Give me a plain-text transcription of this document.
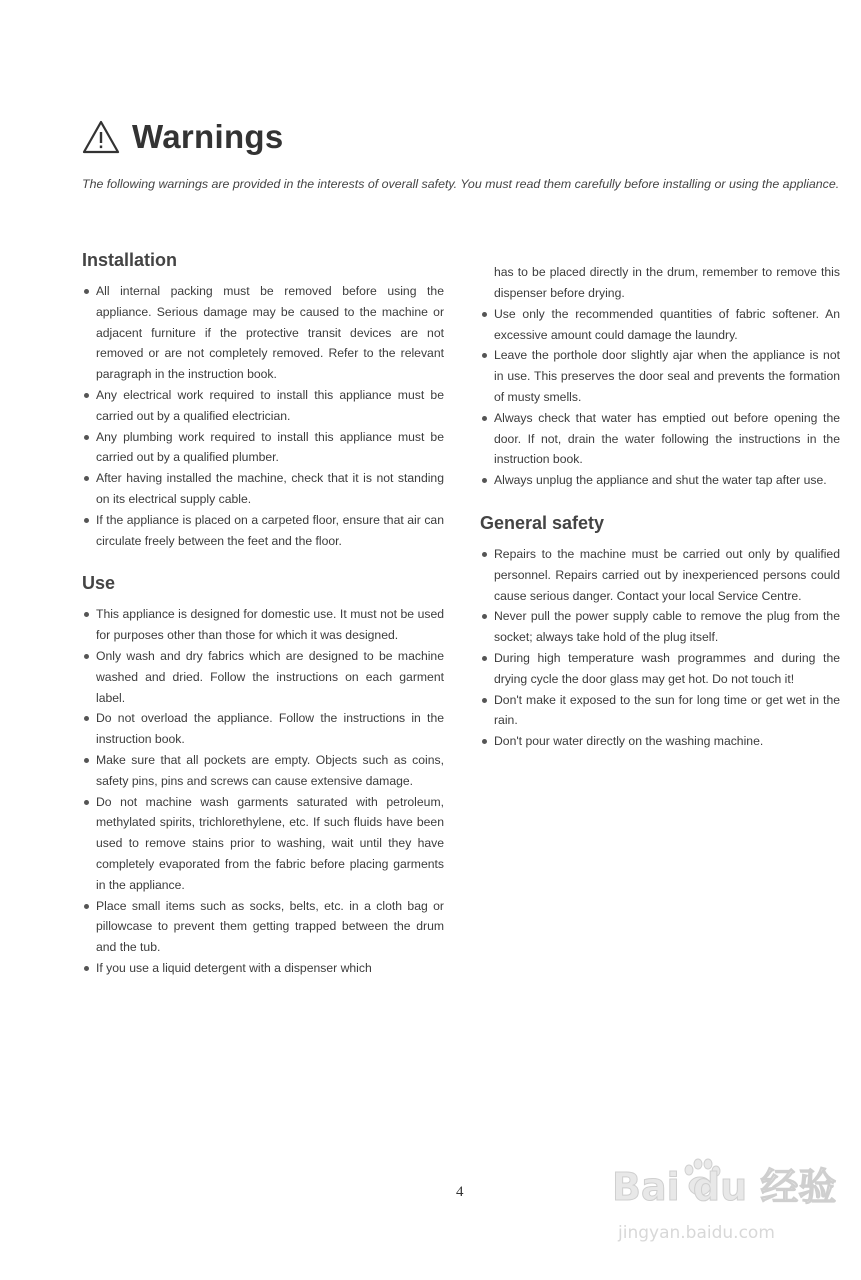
Warnings
The following warnings are provided in the interests of overall safety. You must read them carefully before installing or using the appliance.
Installation
All internal packing must be removed before using the appliance. Serious damage may be caused to the machine or adjacent furniture if the protective transit devices are not removed or are not completely removed. Refer to the relevant paragraph in the instruction book.
Any electrical work required to install this appliance must be carried out by a qualified electrician.
Any plumbing work required to install this appliance must be carried out by a qualified plumber.
After having installed the machine, check that it is not standing on its electrical supply cable.
If the appliance is placed on a carpeted floor, ensure that air can circulate freely between the feet and the floor.
Use
This appliance is designed for domestic use. It must not be used for purposes other than those for which it was designed.
Only wash and dry fabrics which are designed to be machine washed and dried. Follow the instructions on each garment label.
Do not overload the appliance. Follow the instructions in the instruction book.
Make sure that all pockets are empty. Objects such as coins, safety pins, pins and screws can cause extensive damage.
Do not machine wash garments saturated with petroleum, methylated spirits, trichlorethylene, etc. If such fluids have been used to remove stains prior to washing, wait until they have completely evaporated from the fabric before placing garments in the appliance.
Place small items such as socks, belts, etc. in a cloth bag or pillowcase to prevent them getting trapped between the drum and the tub.
If you use a liquid detergent with a dispenser which

has to be placed directly in the drum, remember to remove this dispenser before drying.

Use only the recommended quantities of fabric softener. An excessive amount could damage the laundry.
Leave the porthole door slightly ajar when the appliance is not in use. This preserves the door seal and prevents the formation of musty smells.
Always check that water has emptied out before opening the door. If not, drain the water following the instructions in the instruction book.
Always unplug the appliance and shut the water tap after use.
General safety
Repairs to the machine must be carried out only by qualified personnel. Repairs carried out by inexperienced persons could cause serious danger. Contact your local Service Centre.
Never pull the power supply cable to remove the plug from the socket; always take hold of the plug itself.
During high temperature wash programmes and during the drying cycle the door glass may get hot. Do not touch it!
Don't make it exposed to the sun for long time or get wet in the rain.
Don't pour water directly on the washing machine.
4	Bai du 经验
jingyan.baidu.com
